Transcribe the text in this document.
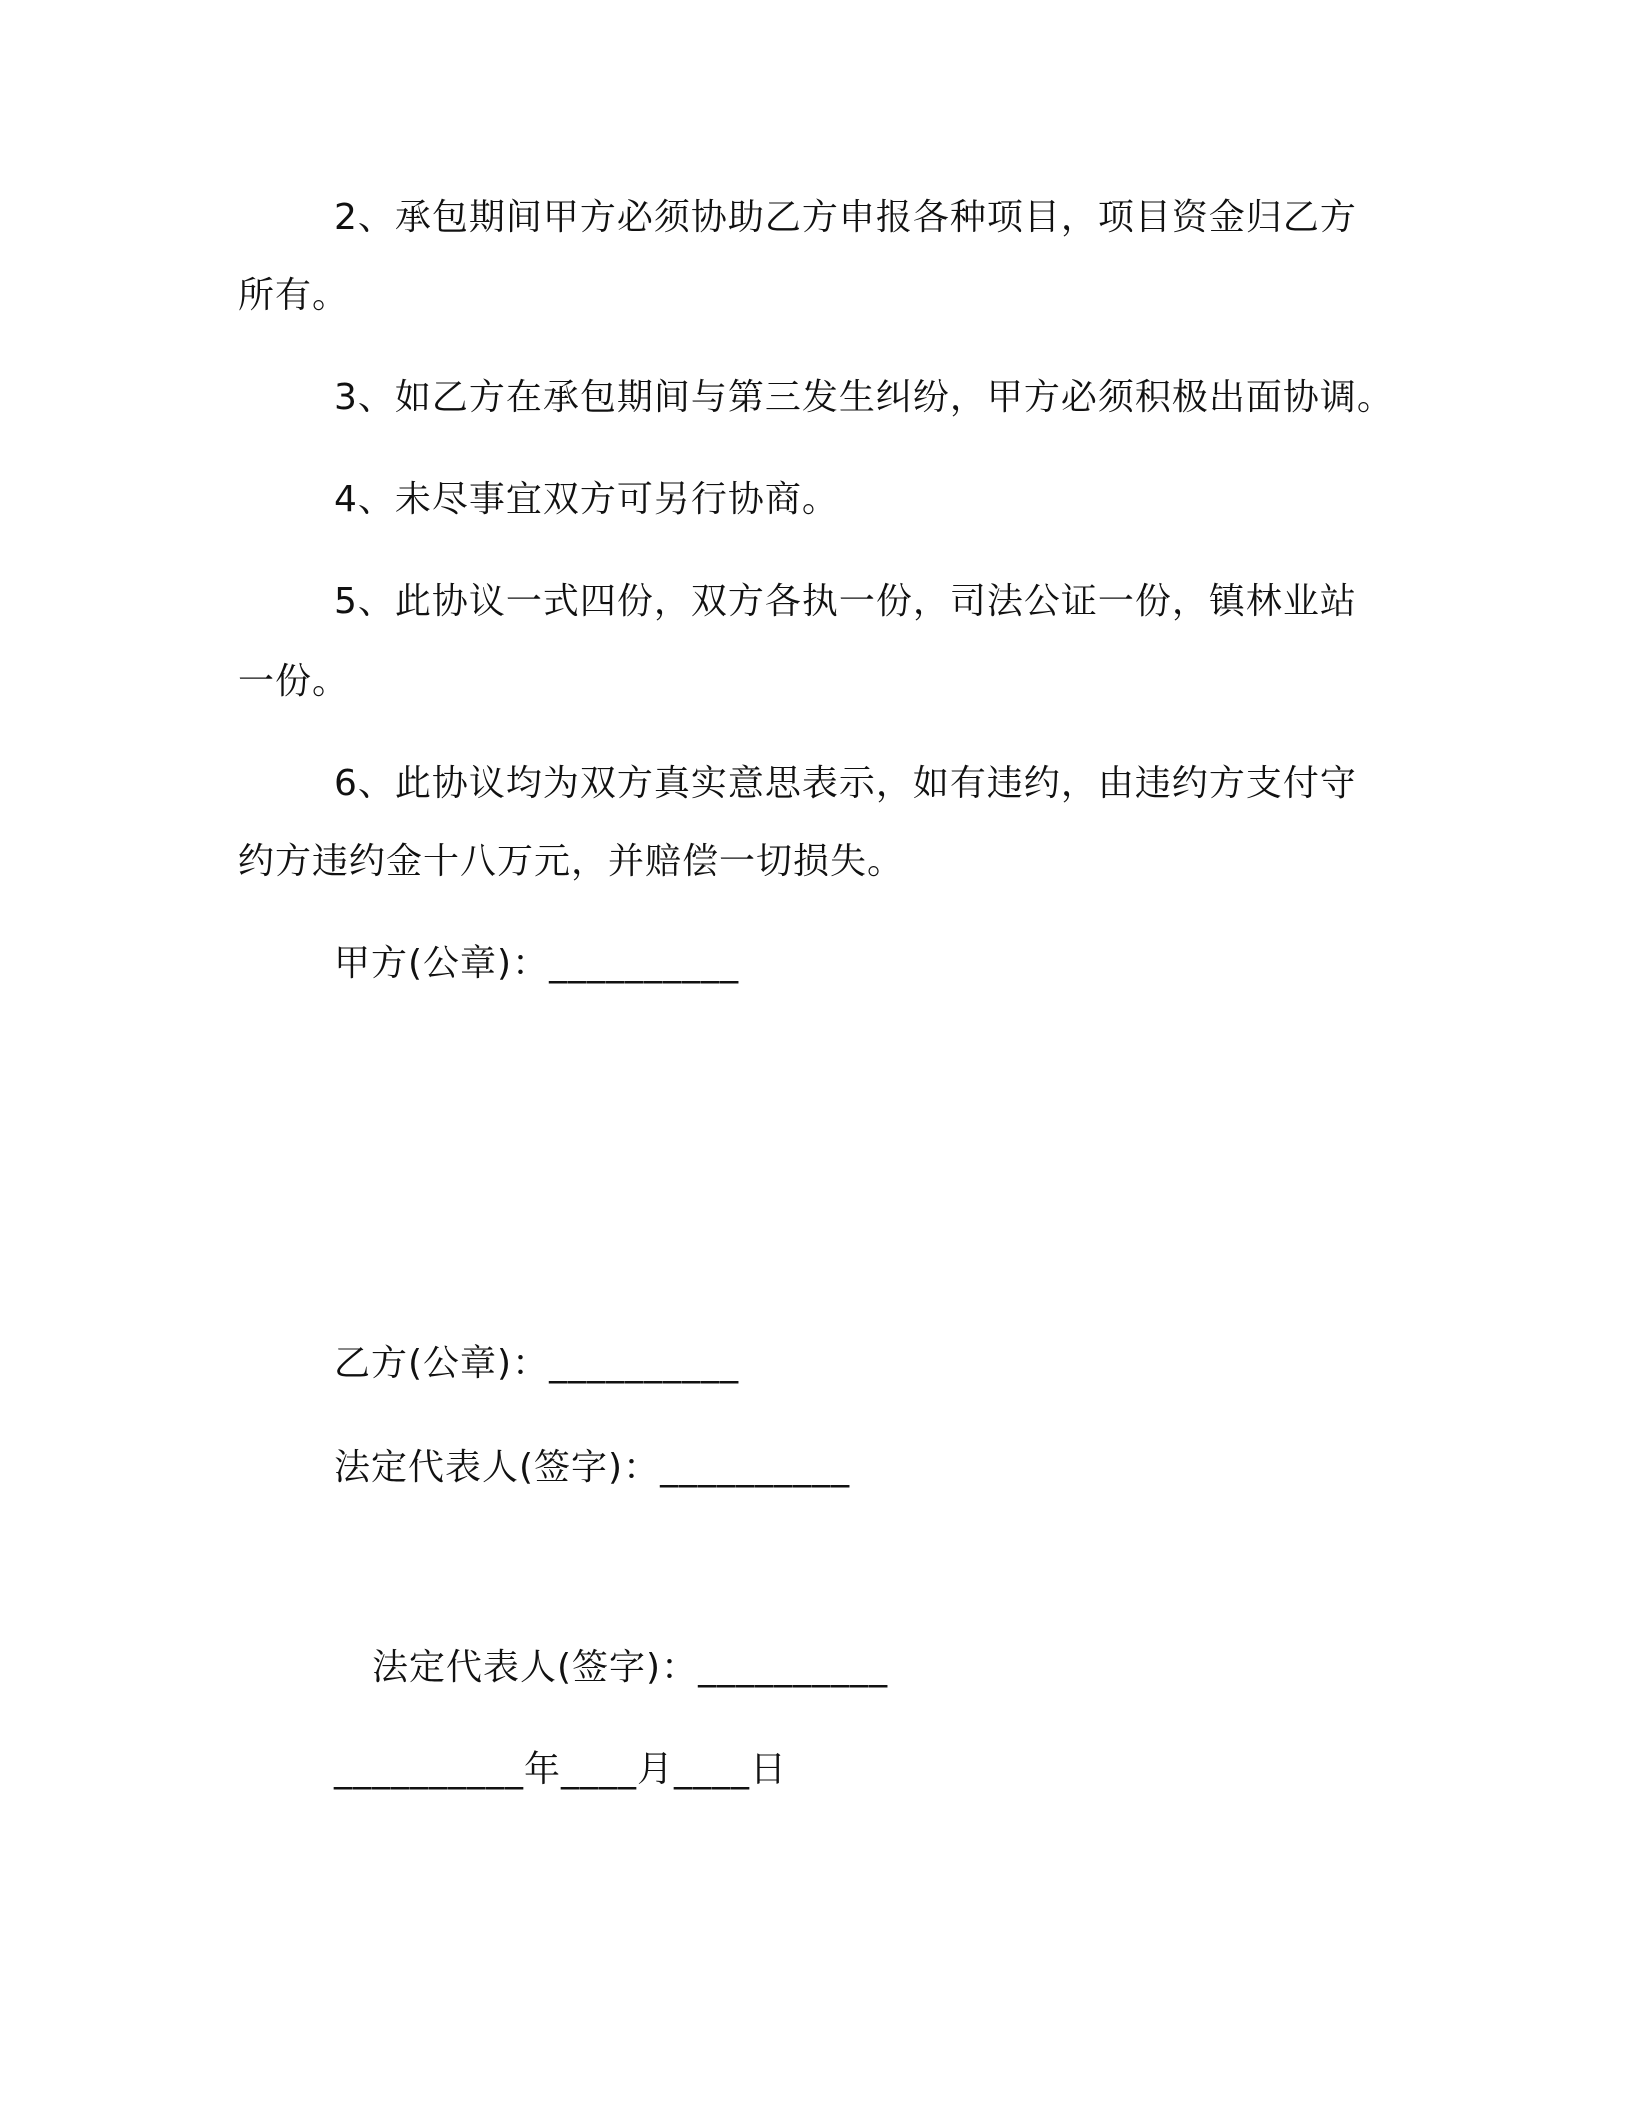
2、承包期间甲方必须协助乙方申报各种项目，项目资金归乙方
所有。
3、如乙方在承包期间与第三发生纠纷，甲方必须积极出面协调。
4、未尽事宜双方可另行协商。
5、此协议一式四份，双方各执一份，司法公证一份，镇林业站
一份。
6、此协议均为双方真实意思表示，如有违约，由违约方支付守
约方违约金十八万元，并赔偿一切损失。
甲方(公章)：__________
乙方(公章)：__________
法定代表人(签字)：__________
法定代表人(签字)：__________
__________年____月____日
